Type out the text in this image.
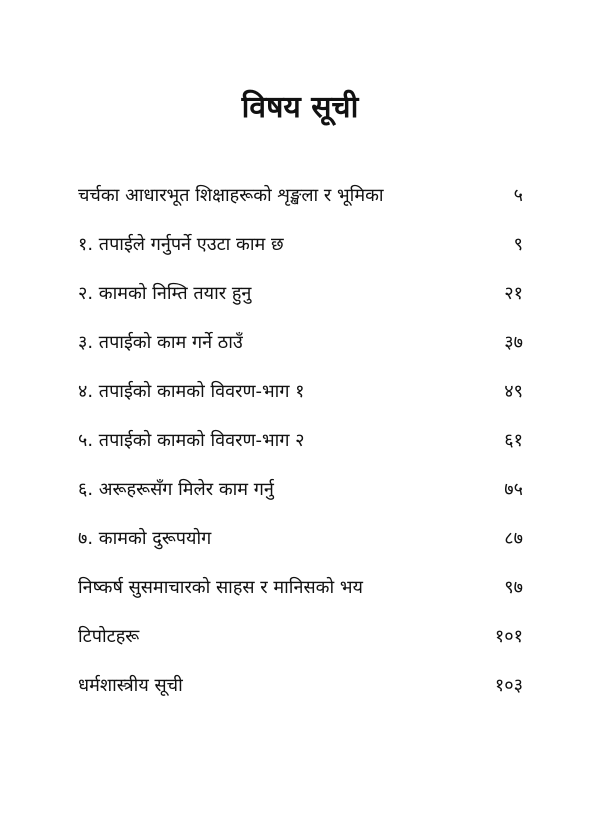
विषय सूची
चर्चका आधारभूत शिक्षाहरूको शृङ्खला र भूमिका	५
१. तपाईले गर्नुपर्ने एउटा काम छ	९
२. कामको निम्ति तयार हुनु	२१
३. तपाईको काम गर्ने ठाउँ	३७
४. तपाईको कामको विवरण-भाग १	४९
५. तपाईको कामको विवरण-भाग २	६१
६. अरूहरूसँग मिलेर काम गर्नु	७५
७. कामको दुरूपयोग	८७
निष्कर्ष सुसमाचारको साहस र मानिसको भय	९७
टिपोटहरू	१०१
धर्मशास्त्रीय सूची	१०३
